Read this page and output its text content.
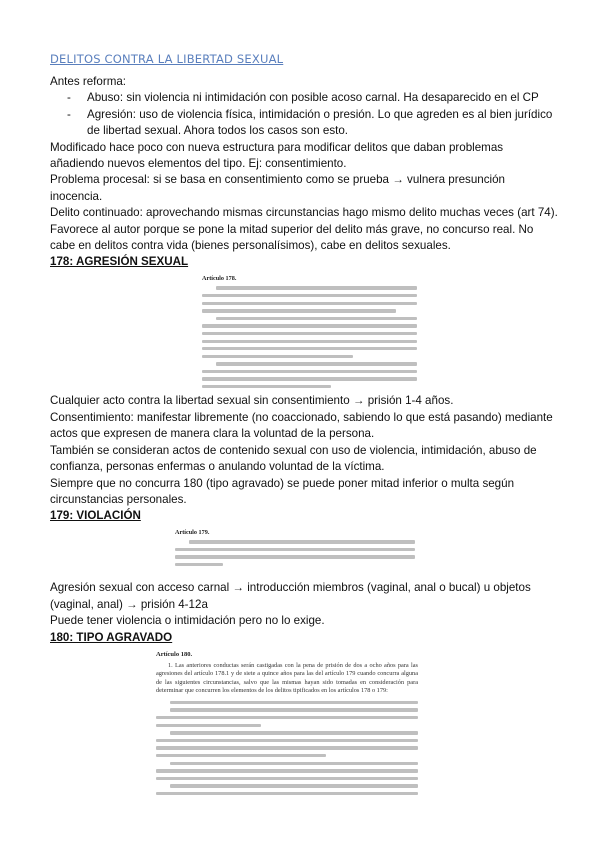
DELITOS CONTRA LA LIBERTAD SEXUAL

Antes reforma:

- Abuso: sin violencia ni intimidación con posible acoso carnal. Ha desaparecido en el CP
- Agresión: uso de violencia física, intimidación o presión. Lo que agreden es al bien jurídico de libertad sexual. Ahora todos los casos son esto.

Modificado hace poco con nueva estructura para modificar delitos que daban problemas añadiendo nuevos elementos del tipo. Ej: consentimiento.

Problema procesal: si se basa en consentimiento como se prueba → vulnera presunción inocencia.

Delito continuado: aprovechando mismas circunstancias hago mismo delito muchas veces (art 74). Favorece al autor porque se pone la mitad superior del delito más grave, no concurso real. No cabe en delitos contra vida (bienes personalísimos), cabe en delitos sexuales.

178: AGRESIÓN SEXUAL

Artículo 178.

Cualquier acto contra la libertad sexual sin consentimiento → prisión 1-4 años.

Consentimiento: manifestar libremente (no coaccionado, sabiendo lo que está pasando) mediante actos que expresen de manera clara la voluntad de la persona.

También se consideran actos de contenido sexual con uso de violencia, intimidación, abuso de confianza, personas enfermas o anulando voluntad de la víctima.

Siempre que no concurra 180 (tipo agravado) se puede poner mitad inferior o multa según circunstancias personales.

179: VIOLACIÓN

Artículo 179.

Agresión sexual con acceso carnal → introducción miembros (vaginal, anal o bucal) u objetos (vaginal, anal) → prisión 4-12a

Puede tener violencia o intimidación pero no lo exige.

180: TIPO AGRAVADO

Artículo 180.
1. Las anteriores conductas serán castigadas con la pena de prisión de dos a ocho años para las agresiones del artículo 178.1 y de siete a quince años para las del artículo 179 cuando concurra alguna de las siguientes circunstancias, salvo que las mismas hayan sido tomadas en consideración para determinar que concurren los elementos de los delitos tipificados en los artículos 178 o 179:
